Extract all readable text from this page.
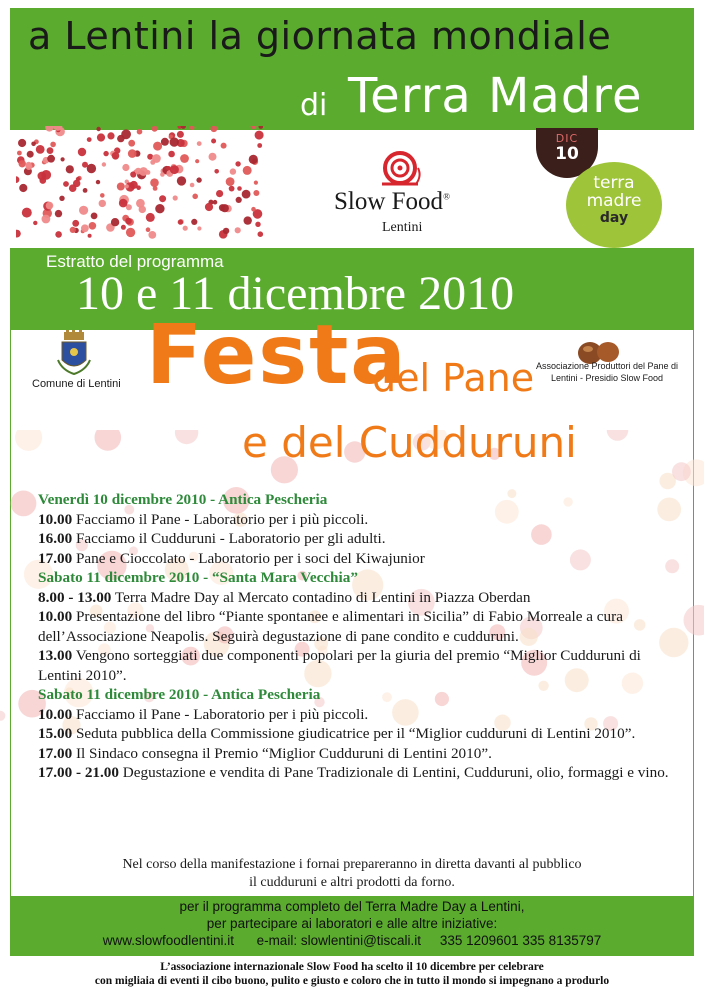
a Lentini la giornata mondiale
di Terra Madre
DIC
10
terra
madre
day
Slow Food®
Lentini
Estratto del programma
10 e 11 dicembre 2010
Comune di Lentini
Associazione Produttori del Pane di
Lentini - Presidio Slow Food
Festa
del Pane
e del Cudduruni

Venerdì 10 dicembre 2010 - Antica Pescheria

10.00 Facciamo il Pane - Laboratorio per i più piccoli.

16.00 Facciamo il Cudduruni - Laboratorio per gli adulti.

17.00 Pane e Cioccolato - Laboratorio per i soci del Kiwajunior

Sabato 11 dicembre 2010 - “Santa Mara Vecchia”

8.00 - 13.00 Terra Madre Day al Mercato contadino di Lentini in Piazza Oberdan

10.00 Presentazione del libro “Piante spontanee e alimentari in Sicilia” di Fabio Morreale a cura dell’Associazione Neapolis. Seguirà degustazione di pane condito e cudduruni.

13.00 Vengono sorteggiati due componenti popolari per la giuria del premio “Miglior Cudduruni di Lentini 2010”.

Sabato 11 dicembre 2010 - Antica Pescheria

10.00 Facciamo il Pane - Laboratorio per i più piccoli.

15.00 Seduta pubblica della Commissione giudicatrice per il “Miglior cudduruni di Lentini 2010”.

17.00 Il Sindaco consegna il Premio “Miglior Cudduruni di Lentini 2010”.

17.00 - 21.00 Degustazione e vendita di Pane Tradizionale di Lentini, Cudduruni, olio, formaggi e vino.

Nel corso della manifestazione i fornai prepareranno in diretta davanti al pubblico
il cudduruni e altri prodotti da forno.
per il programma completo del Terra Madre Day a Lentini,
per partecipare ai laboratori e alle altre iniziative:
www.slowfoodlentini.it e-mail: slowlentini@tiscali.it 335 1209601 335 8135797
L’associazione internazionale Slow Food ha scelto il 10 dicembre per celebrare
con migliaia di eventi il cibo buono, pulito e giusto e coloro che in tutto il mondo si impegnano a produrlo
